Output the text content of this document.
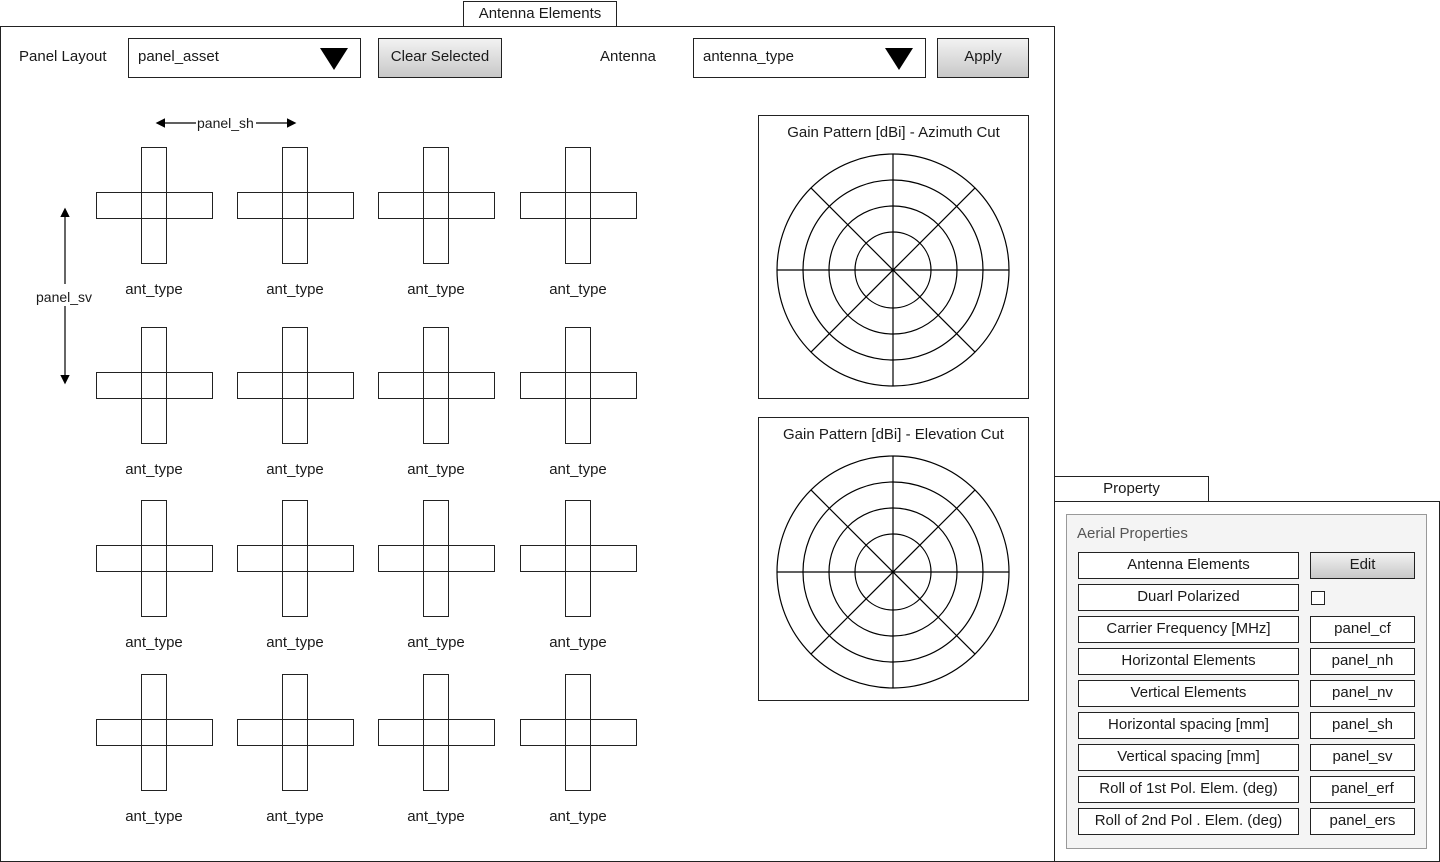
Antenna Elements
Panel Layout	panel_asset	Clear Selected	Antenna	antenna_type	Apply
panel_sh
panel_sv	ant_type	ant_type	ant_type	ant_type
ant_type	ant_type	ant_type	ant_type
ant_type	ant_type	ant_type	ant_type
ant_type	ant_type	ant_type	ant_type
Gain Pattern [dBi] - Azimuth Cut
Gain Pattern [dBi] - Elevation Cut
Property
Aerial Properties
Antenna Elements	Edit
Duarl Polarized
Carrier Frequency [MHz]	panel_cf
Horizontal Elements	panel_nh
Vertical Elements	panel_nv
Horizontal spacing [mm]	panel_sh
Vertical spacing [mm]	panel_sv
Roll of 1st Pol. Elem. (deg)	panel_erf
Roll of 2nd Pol . Elem. (deg)	panel_ers
